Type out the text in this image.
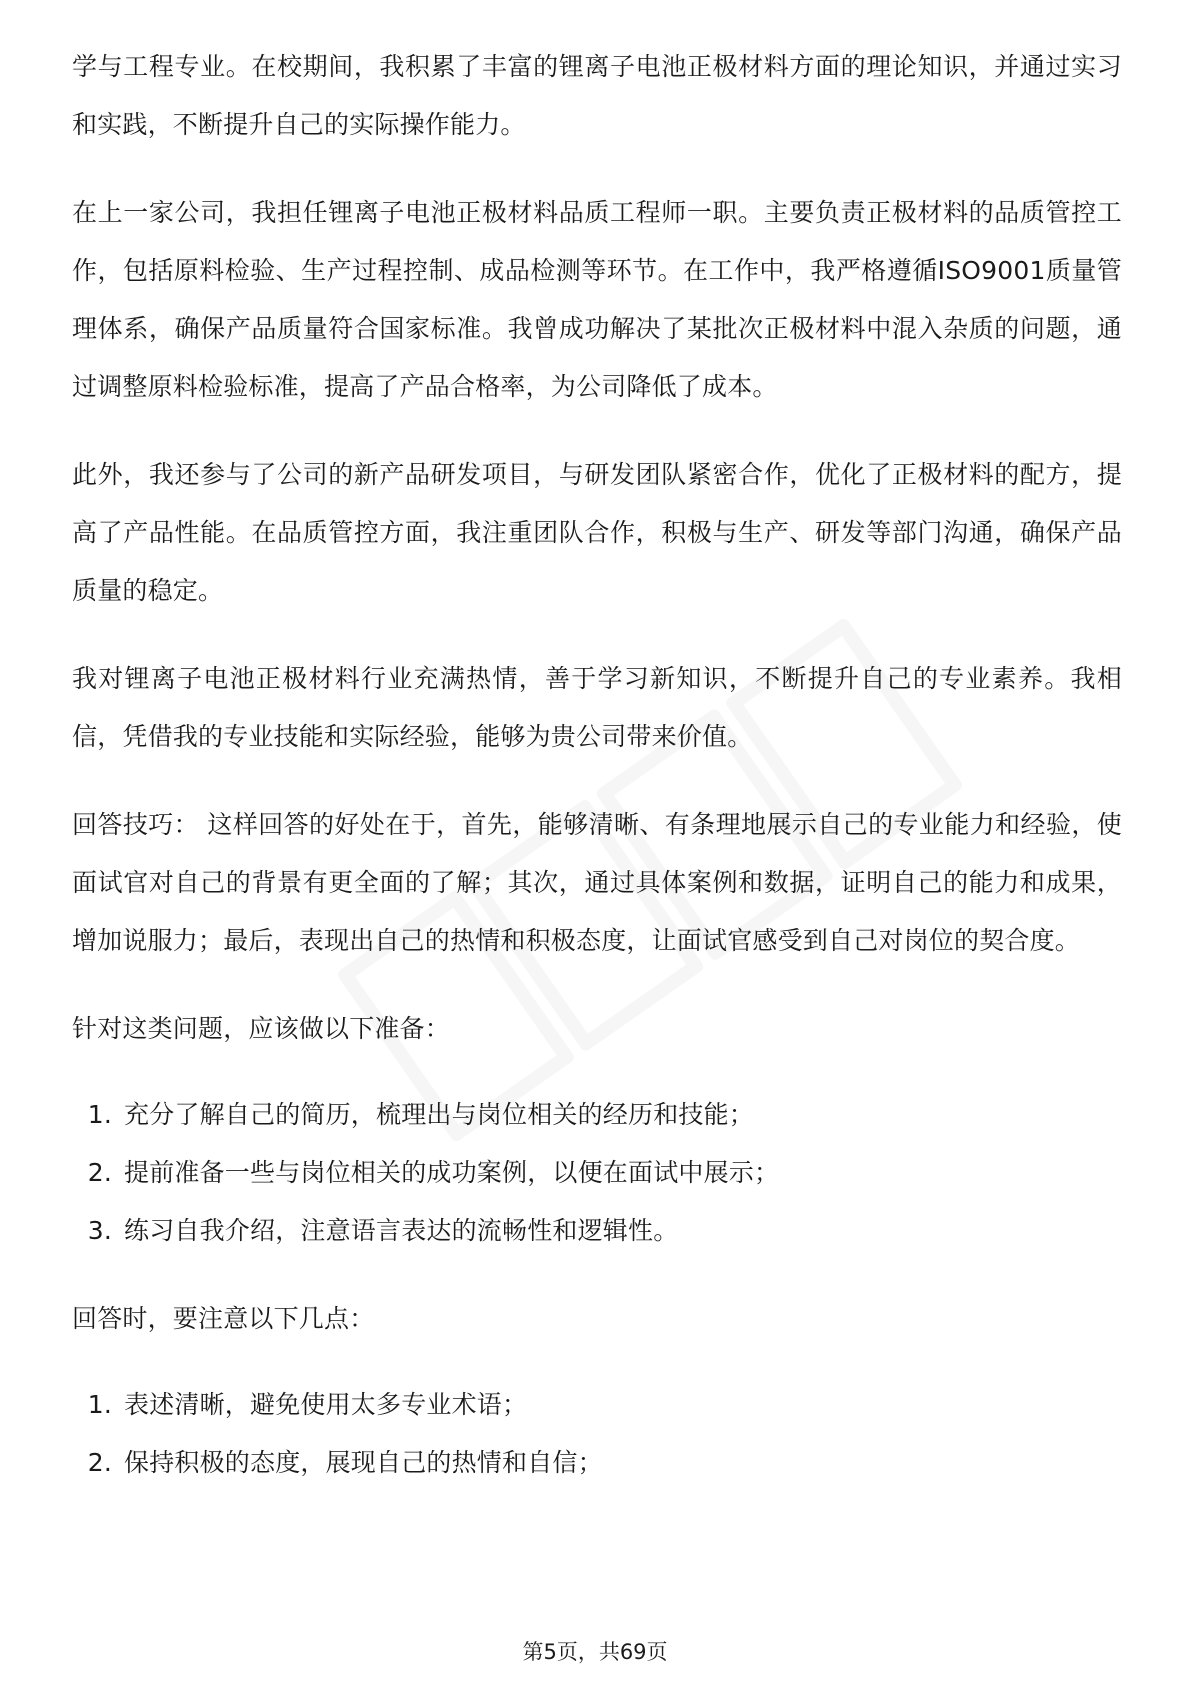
学与工程专业。在校期间，我积累了丰富的锂离子电池正极材料方面的理论知识，并通过实习和实践，不断提升自己的实际操作能力。

在上一家公司，我担任锂离子电池正极材料品质工程师一职。主要负责正极材料的品质管控工作，包括原料检验、生产过程控制、成品检测等环节。在工作中，我严格遵循ISO9001质量管理体系，确保产品质量符合国家标准。我曾成功解决了某批次正极材料中混入杂质的问题，通过调整原料检验标准，提高了产品合格率，为公司降低了成本。

此外，我还参与了公司的新产品研发项目，与研发团队紧密合作，优化了正极材料的配方，提高了产品性能。在品质管控方面，我注重团队合作，积极与生产、研发等部门沟通，确保产品质量的稳定。

我对锂离子电池正极材料行业充满热情，善于学习新知识，不断提升自己的专业素养。我相信，凭借我的专业技能和实际经验，能够为贵公司带来价值。

回答技巧： 这样回答的好处在于，首先，能够清晰、有条理地展示自己的专业能力和经验，使面试官对自己的背景有更全面的了解；其次，通过具体案例和数据，证明自己的能力和成果，增加说服力；最后，表现出自己的热情和积极态度，让面试官感受到自己对岗位的契合度。

针对这类问题，应该做以下准备：

1. 充分了解自己的简历，梳理出与岗位相关的经历和技能；
2. 提前准备一些与岗位相关的成功案例，以便在面试中展示；
3. 练习自我介绍，注意语言表达的流畅性和逻辑性。

回答时，要注意以下几点：

1. 表述清晰，避免使用太多专业术语；
2. 保持积极的态度，展现自己的热情和自信；
第5页，共69页
